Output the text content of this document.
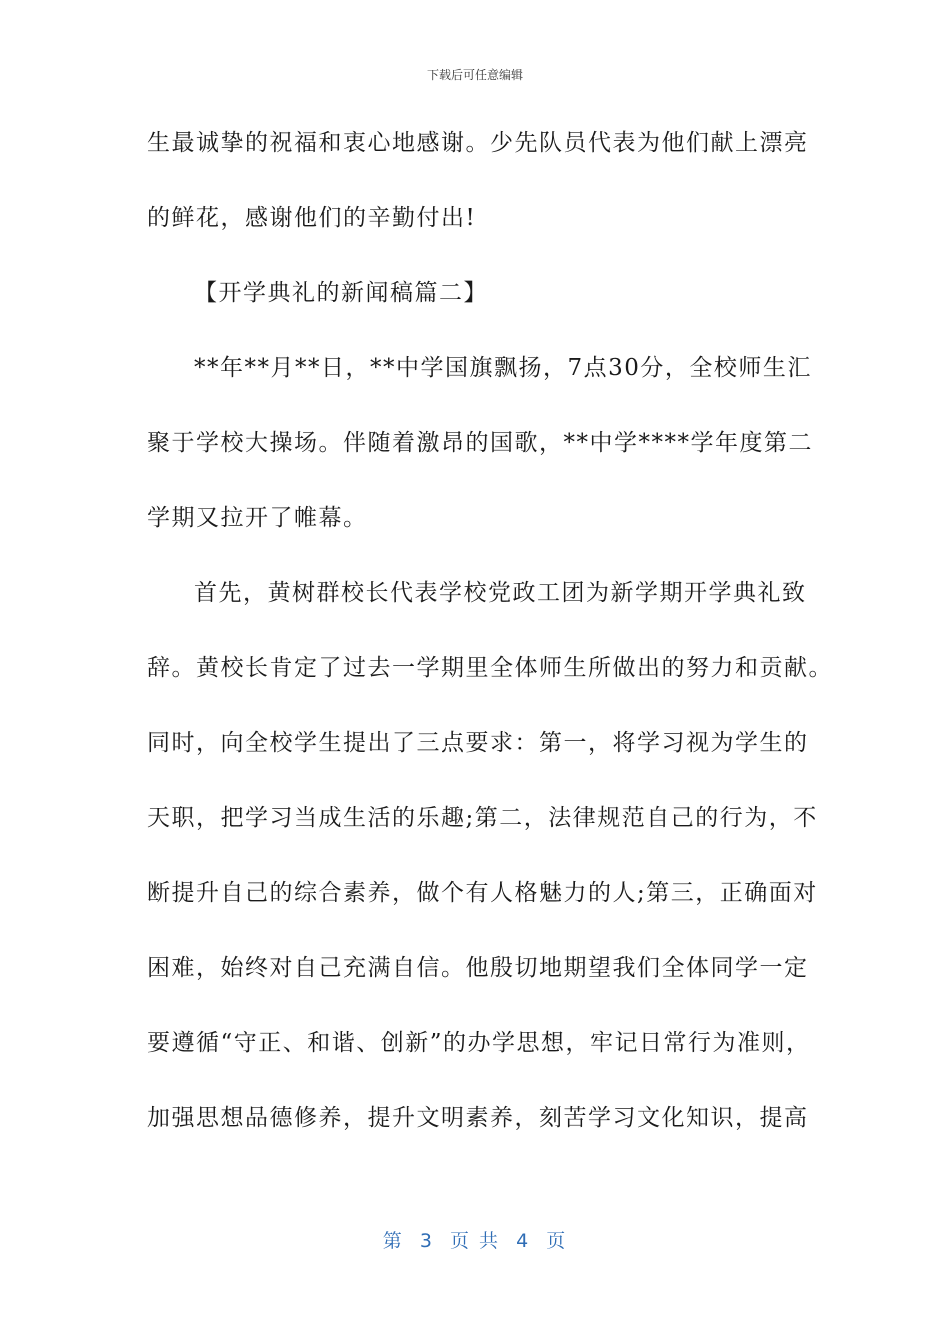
下载后可任意编辑
生最诚挚的祝福和衷心地感谢。少先队员代表为他们献上漂亮
的鲜花，感谢他们的辛勤付出!
【开学典礼的新闻稿篇二】
**年**月**日，**中学国旗飘扬，7点30分，全校师生汇
聚于学校大操场。伴随着激昂的国歌，**中学****学年度第二
学期又拉开了帷幕。
首先，黄树群校长代表学校党政工团为新学期开学典礼致
辞。黄校长肯定了过去一学期里全体师生所做出的努力和贡献。
同时，向全校学生提出了三点要求：第一，将学习视为学生的
天职，把学习当成生活的乐趣;第二，法律规范自己的行为，不
断提升自己的综合素养，做个有人格魅力的人;第三，正确面对
困难，始终对自己充满自信。他殷切地期望我们全体同学一定
要遵循“守正、和谐、创新”的办学思想，牢记日常行为准则，
加强思想品德修养，提升文明素养，刻苦学习文化知识，提高
第 3 页 共 4 页
